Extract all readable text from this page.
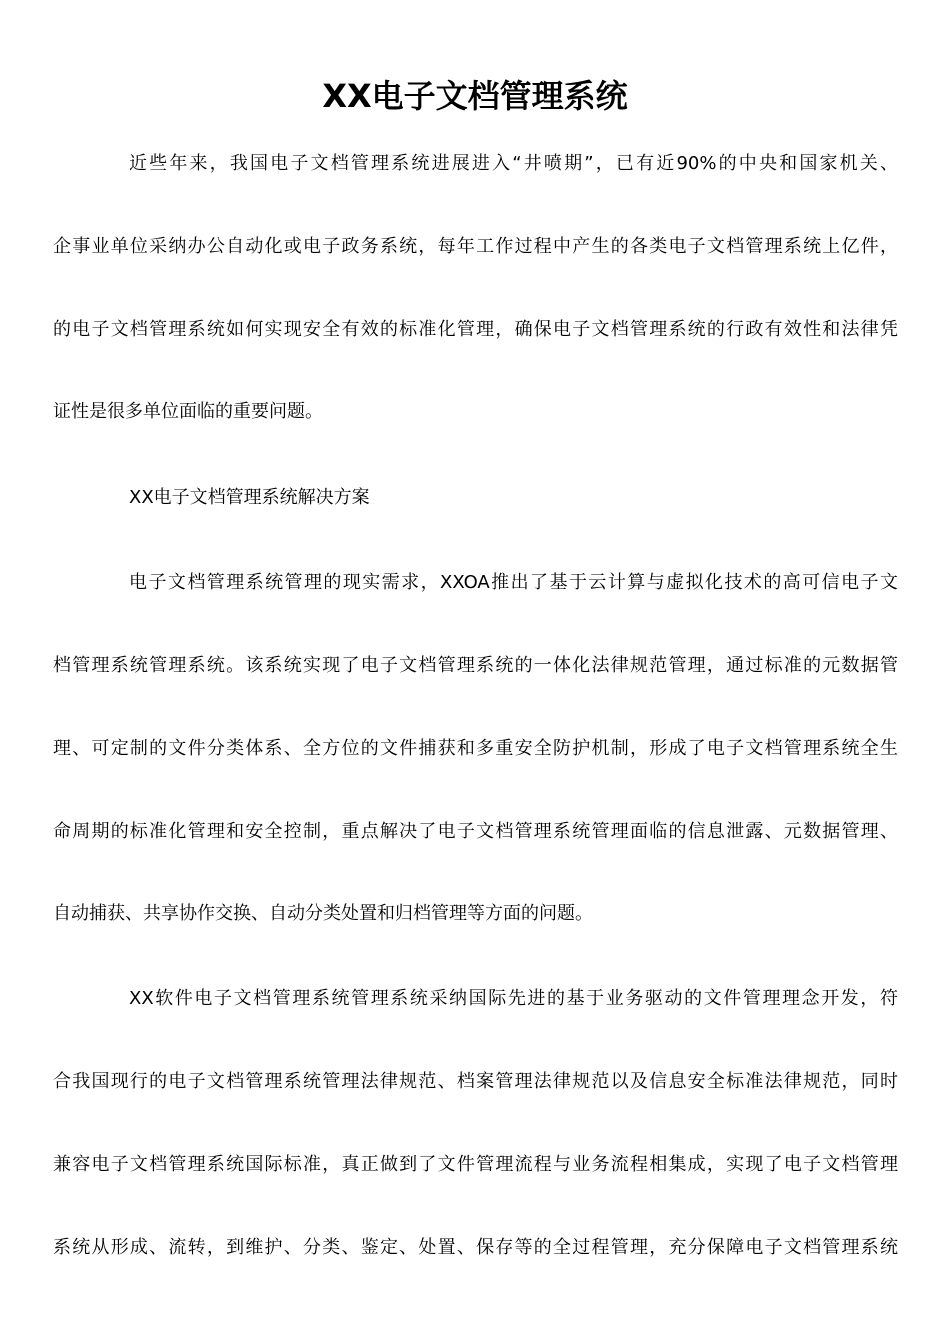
XX电子文档管理系统
近些年来，我国电子文档管理系统进展进入“井喷期”，已有近90%的中央和国家机关、
企事业单位采纳办公自动化或电子政务系统，每年工作过程中产生的各类电子文档管理系统上亿件，
的电子文档管理系统如何实现安全有效的标准化管理，确保电子文档管理系统的行政有效性和法律凭
证性是很多单位面临的重要问题。
XX电子文档管理系统解决方案
电子文档管理系统管理的现实需求，XXOA推出了基于云计算与虚拟化技术的高可信电子文
档管理系统管理系统。该系统实现了电子文档管理系统的一体化法律规范管理，通过标准的元数据管
理、可定制的文件分类体系、全方位的文件捕获和多重安全防护机制，形成了电子文档管理系统全生
命周期的标准化管理和安全控制，重点解决了电子文档管理系统管理面临的信息泄露、元数据管理、
自动捕获、共享协作交换、自动分类处置和归档管理等方面的问题。
XX软件电子文档管理系统管理系统采纳国际先进的基于业务驱动的文件管理理念开发，符
合我国现行的电子文档管理系统管理法律规范、档案管理法律规范以及信息安全标准法律规范，同时
兼容电子文档管理系统国际标准，真正做到了文件管理流程与业务流程相集成，实现了电子文档管理
系统从形成、流转，到维护、分类、鉴定、处置、保存等的全过程管理，充分保障电子文档管理系统
